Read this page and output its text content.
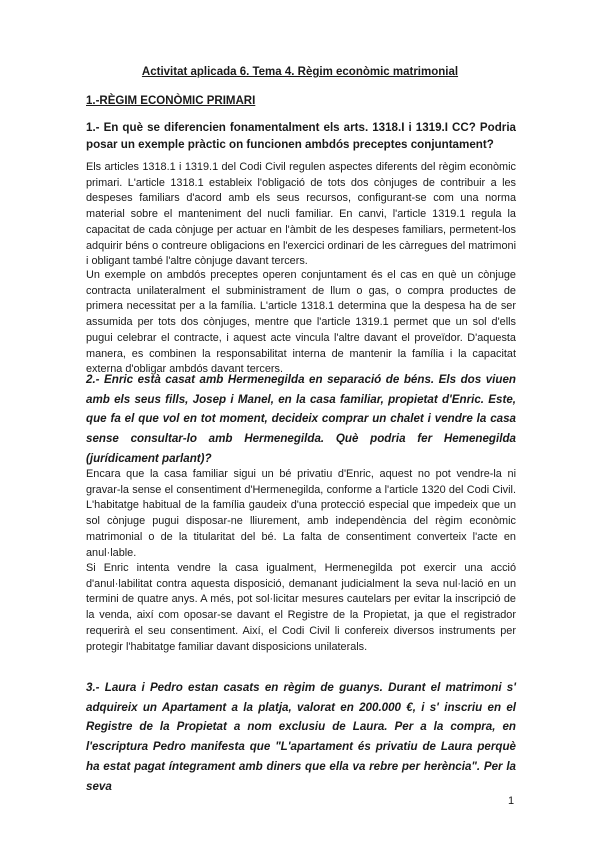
Activitat aplicada 6. Tema 4. Règim econòmic matrimonial
1.-RÈGIM ECONÒMIC PRIMARI
1.- En què se diferencien fonamentalment els arts. 1318.I i 1319.I CC? Podria posar un exemple pràctic on funcionen ambdós preceptes conjuntament?
Els articles 1318.1 i 1319.1 del Codi Civil regulen aspectes diferents del règim econòmic primari. L'article 1318.1 estableix l'obligació de tots dos cònjuges de contribuir a les despeses familiars d'acord amb els seus recursos, configurant-se com una norma material sobre el manteniment del nucli familiar. En canvi, l'article 1319.1 regula la capacitat de cada cònjuge per actuar en l'àmbit de les despeses familiars, permetent-los adquirir béns o contreure obligacions en l'exercici ordinari de les càrregues del matrimoni i obligant també l'altre cònjuge davant tercers.
Un exemple on ambdós preceptes operen conjuntament és el cas en què un cònjuge contracta unilateralment el subministrament de llum o gas, o compra productes de primera necessitat per a la família. L'article 1318.1 determina que la despesa ha de ser assumida per tots dos cònjuges, mentre que l'article 1319.1 permet que un sol d'ells pugui celebrar el contracte, i aquest acte vincula l'altre davant el proveïdor. D'aquesta manera, es combinen la responsabilitat interna de mantenir la família i la capacitat externa d'obligar ambdós davant tercers.
2.- Enric està casat amb Hermenegilda en separació de béns. Els dos viuen amb els seus fills, Josep i Manel, en la casa familiar, propietat d'Enric. Este, que fa el que vol en tot moment, decideix comprar un chalet i vendre la casa sense consultar-lo amb Hermenegilda. Què podria fer Hemenegilda (jurídicament parlant)?
Encara que la casa familiar sigui un bé privatiu d'Enric, aquest no pot vendre-la ni gravar-la sense el consentiment d'Hermenegilda, conforme a l'article 1320 del Codi Civil. L'habitatge habitual de la família gaudeix d'una protecció especial que impedeix que un sol cònjuge pugui disposar-ne lliurement, amb independència del règim econòmic matrimonial o de la titularitat del bé. La falta de consentiment converteix l'acte en anul·lable.
Si Enric intenta vendre la casa igualment, Hermenegilda pot exercir una acció d'anul·labilitat contra aquesta disposició, demanant judicialment la seva nul·lació en un termini de quatre anys. A més, pot sol·licitar mesures cautelars per evitar la inscripció de la venda, així com oposar-se davant el Registre de la Propietat, ja que el registrador requerirà el seu consentiment. Així, el Codi Civil li confereix diversos instruments per protegir l'habitatge familiar davant disposicions unilaterals.
3.- Laura i Pedro estan casats en règim de guanys. Durant el matrimoni s' adquireix un Apartament a la platja, valorat en 200.000 €, i s' inscriu en el Registre de la Propietat a nom exclusiu de Laura. Per a la compra, en l'escriptura Pedro manifesta que "L'apartament és privatiu de Laura perquè ha estat pagat íntegrament amb diners que ella va rebre per herència". Per la seva
1
